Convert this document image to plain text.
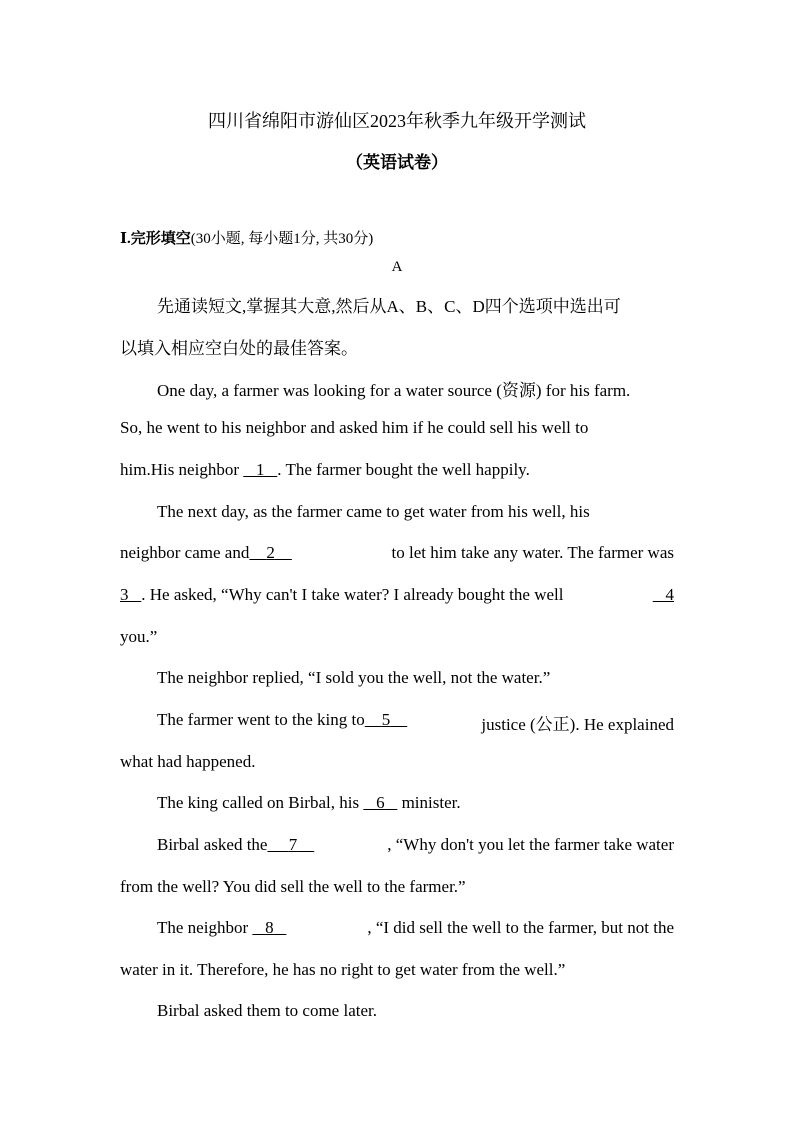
四川省绵阳市游仙区2023年秋季九年级开学测试
（英语试卷）
Ⅰ.完形填空(30小题, 每小题1分, 共30分)
A
先通读短文,掌握其大意,然后从A、B、C、D四个选项中选出可
以填入相应空白处的最佳答案。
One day, a farmer was looking for a water source (资源) for his farm.
So, he went to his neighbor and asked him if he could sell his well to
him.His neighbor 1 . The farmer bought the well happily.
The next day, as the farmer came to get water from his well, his
neighbor came and 2	to let him take any water. The farmer was
3 . He asked, “Why can't I take water? I already bought the well	4
you.”
The neighbor replied, “I sold you the well, not the water.”
The farmer went to the king to 5	justice (公正). He explained
what had happened.
The king called on Birbal, his 6 minister.
Birbal asked the 7	, “Why don't you let the farmer take water
from the well? You did sell the well to the farmer.”
The neighbor 8	, “I did sell the well to the farmer, but not the
water in it. Therefore, he has no right to get water from the well.”
Birbal asked them to come later.
